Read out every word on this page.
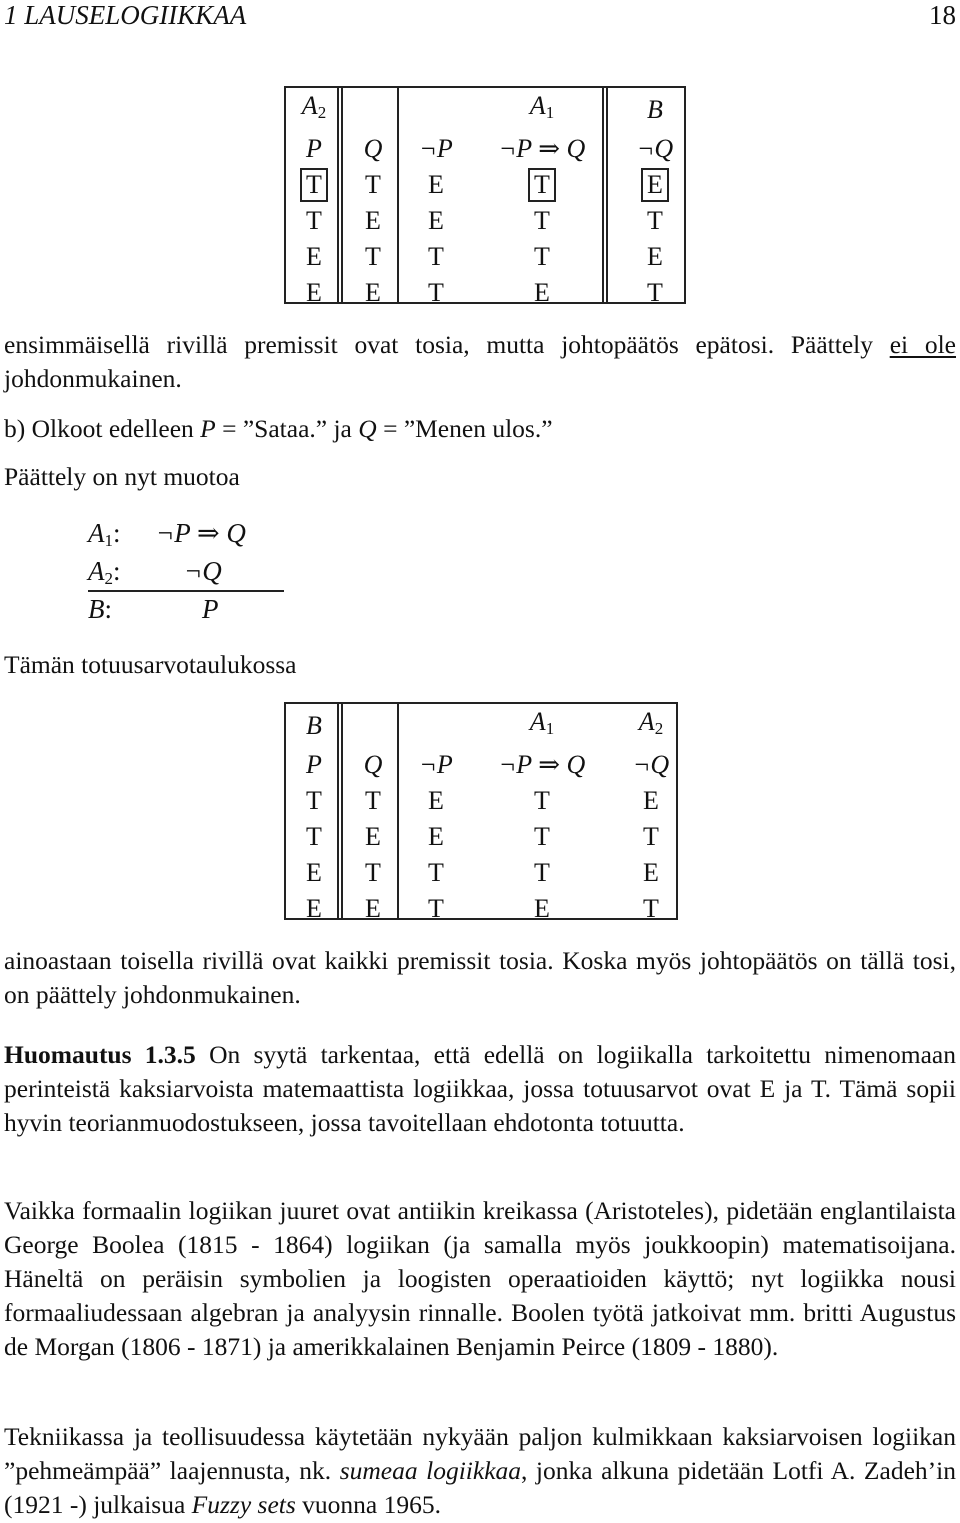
1 LAUSELOGIIKKAA	18
$A_2$			$A_1$	B
P	Q	¬P	¬P ⇒ Q	¬Q
T	T	E	T	E
T	E	E	T	T
E	T	T	T	E
E	E	T	E	T
ensimmäisellä rivillä premissit ovat tosia, mutta johtopäätös epätosi. Päättely ei ole johdonmukainen.
b) Olkoot edelleen P = ”Sataa.” ja Q = ”Menen ulos.”
Päättely on nyt muotoa
$A_1$: ¬P ⇒ Q
$A_2$: ¬Q
B:	P
Tämän totuusarvotaulukossa
B			$A_1$	$A_2$
P	Q	¬P	¬P ⇒ Q	¬Q
T	T	E	T	E
T	E	E	T	T
E	T	T	T	E
E	E	T	E	T
ainoastaan toisella rivillä ovat kaikki premissit tosia. Koska myös johtopäätös on tällä tosi, on päättely johdonmukainen.
Huomautus 1.3.5 On syytä tarkentaa, että edellä on logiikalla tarkoitettu nimenomaan perinteistä kaksiarvoista matemaattista logiikkaa, jossa totuusarvot ovat E ja T. Tämä sopii hyvin teorianmuodostukseen, jossa tavoitellaan ehdotonta totuutta.
Vaikka formaalin logiikan juuret ovat antiikin kreikassa (Aristoteles), pidetään englantilaista George Boolea (1815 - 1864) logiikan (ja samalla myös joukkoopin) matematisoijana. Häneltä on peräisin symbolien ja loogisten operaatioiden käyttö; nyt logiikka nousi formaaliudessaan algebran ja analyysin rinnalle. Boolen työtä jatkoivat mm. britti Augustus de Morgan (1806 - 1871) ja amerikkalainen Benjamin Peirce (1809 - 1880).
Tekniikassa ja teollisuudessa käytetään nykyään paljon kulmikkaan kaksiarvoisen logiikan ”pehmeämpää” laajennusta, nk. sumeaa logiikkaa, jonka alkuna pidetään Lotfi A. Zadeh’in (1921 -) julkaisua Fuzzy sets vuonna 1965.
